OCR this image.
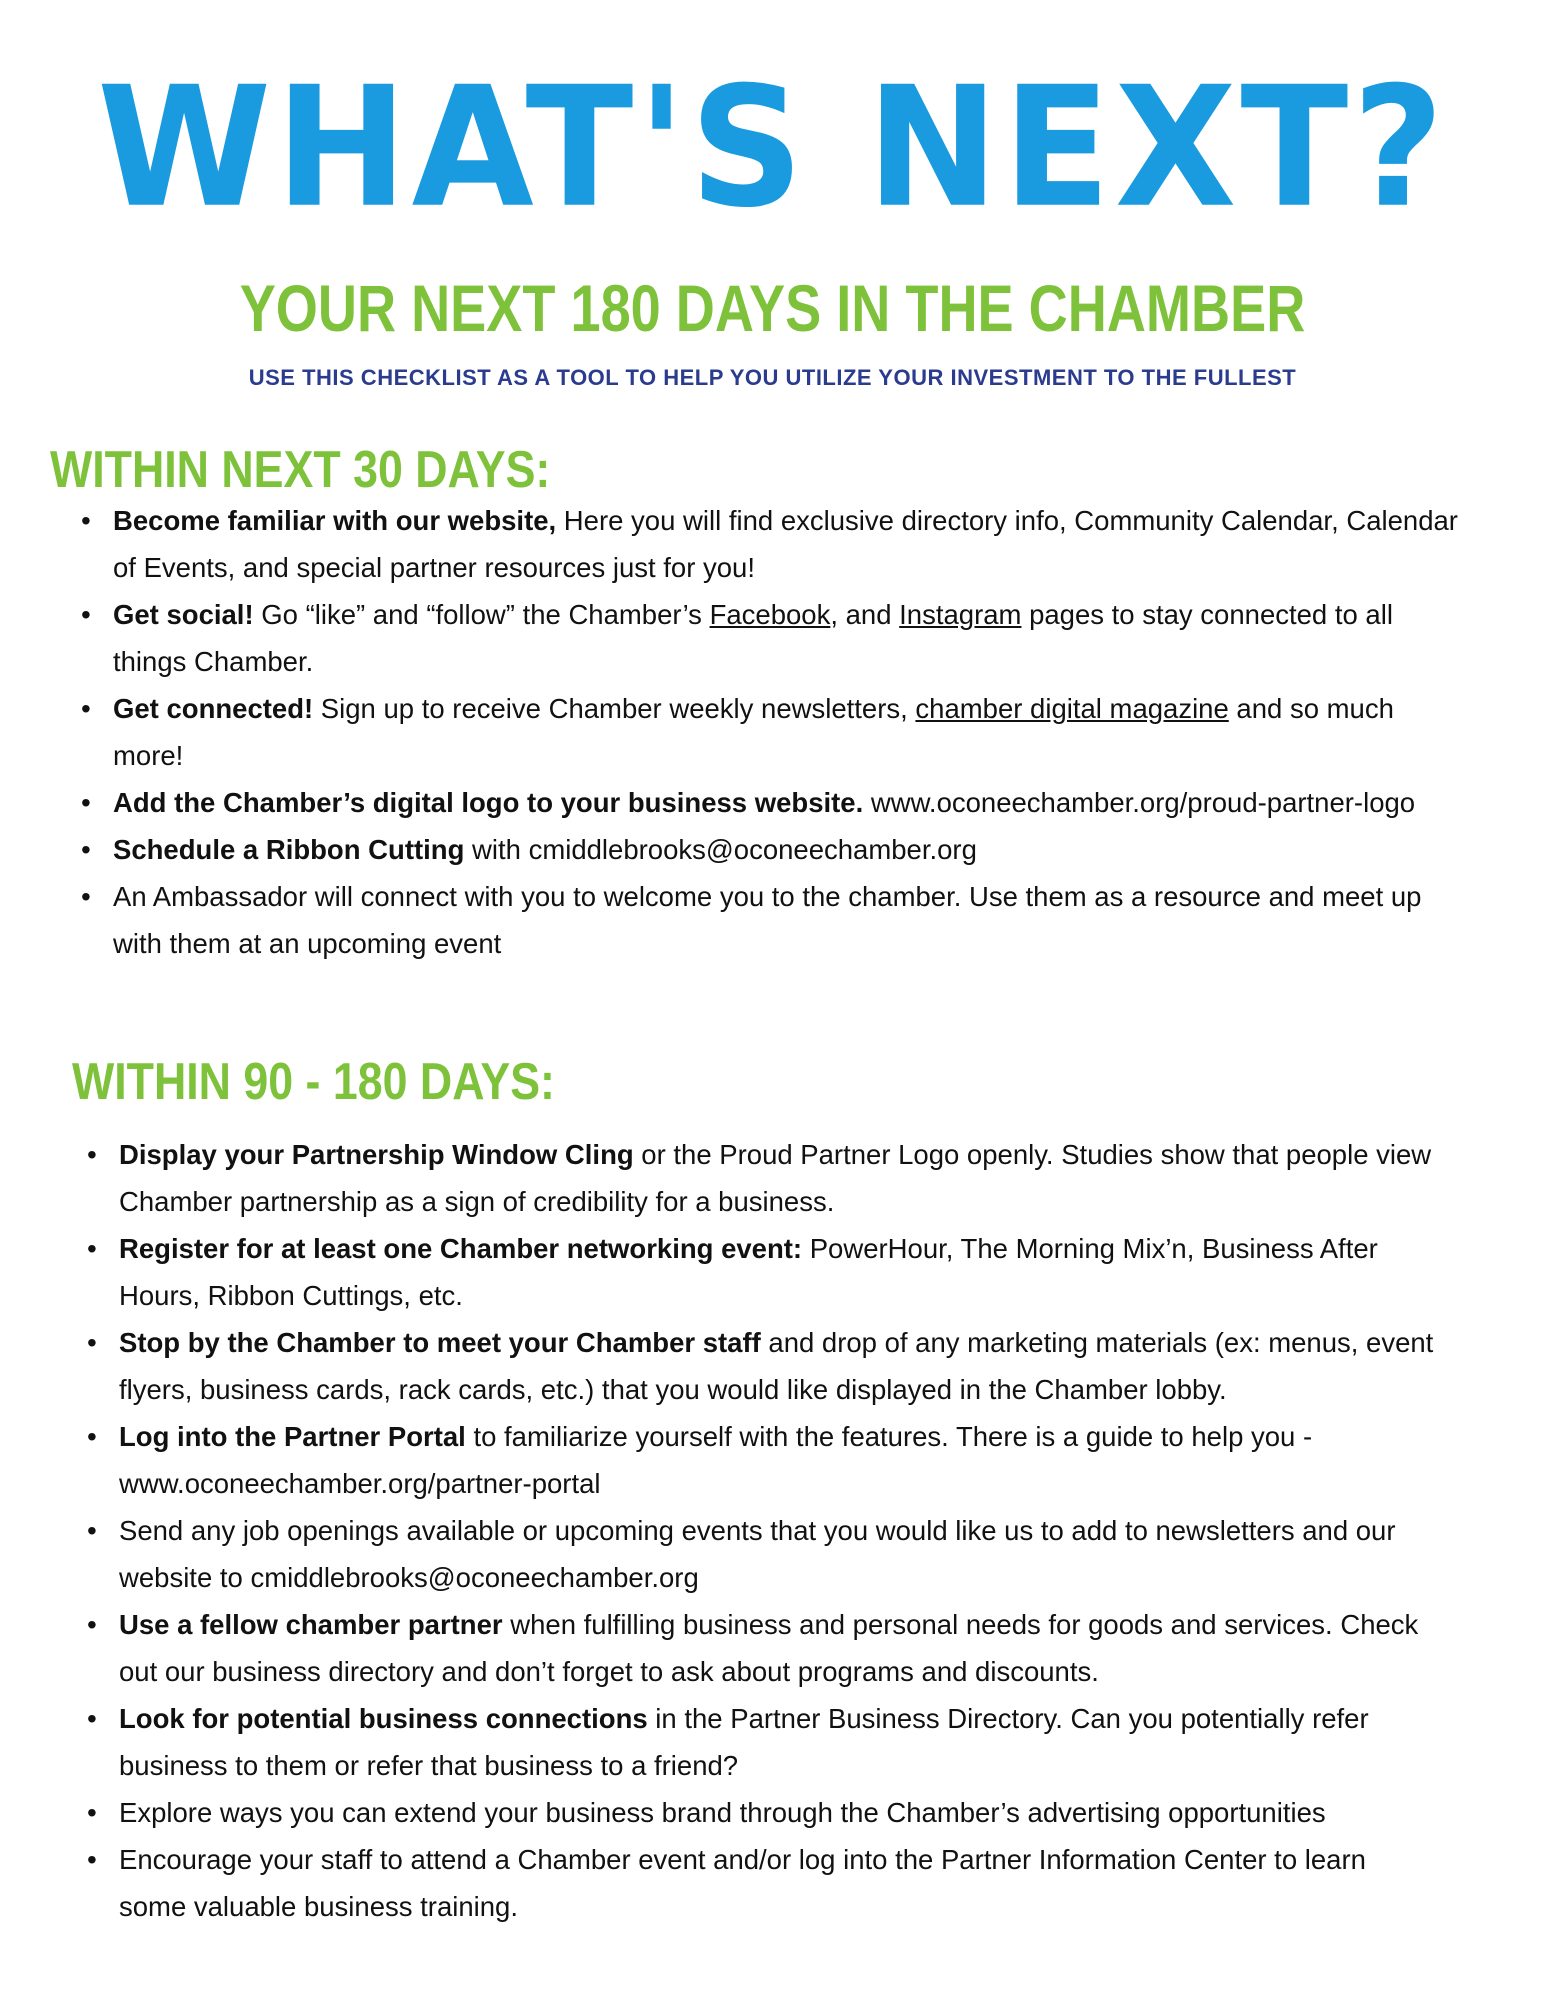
WHAT'S NEXT?
YOUR NEXT 180 DAYS IN THE CHAMBER

USE THIS CHECKLIST AS A TOOL TO HELP YOU UTILIZE YOUR INVESTMENT TO THE FULLEST

WITHIN NEXT 30 DAYS:
• Become familiar with our website, Here you will find exclusive directory info, Community Calendar, Calendar of Events, and special partner resources just for you!
• Get social! Go “like” and “follow” the Chamber’s Facebook, and Instagram pages to stay connected to all things Chamber.
• Get connected! Sign up to receive Chamber weekly newsletters, chamber digital magazine and so much more!
• Add the Chamber’s digital logo to your business website. www.oconeechamber.org/proud-partner-logo
• Schedule a Ribbon Cutting with cmiddlebrooks@oconeechamber.org
• An Ambassador will connect with you to welcome you to the chamber. Use them as a resource and meet up with them at an upcoming event
WITHIN 90 - 180 DAYS:
• Display your Partnership Window Cling or the Proud Partner Logo openly. Studies show that people view Chamber partnership as a sign of credibility for a business.
• Register for at least one Chamber networking event: PowerHour, The Morning Mix’n, Business After Hours, Ribbon Cuttings, etc.
• Stop by the Chamber to meet your Chamber staff and drop of any marketing materials (ex: menus, event flyers, business cards, rack cards, etc.) that you would like displayed in the Chamber lobby.
• Log into the Partner Portal to familiarize yourself with the features. There is a guide to help you - www.oconeechamber.org/partner-portal
• Send any job openings available or upcoming events that you would like us to add to newsletters and our website to cmiddlebrooks@oconeechamber.org
• Use a fellow chamber partner when fulfilling business and personal needs for goods and services. Check out our business directory and don’t forget to ask about programs and discounts.
• Look for potential business connections in the Partner Business Directory. Can you potentially refer business to them or refer that business to a friend?
• Explore ways you can extend your business brand through the Chamber’s advertising opportunities
• Encourage your staff to attend a Chamber event and/or log into the Partner Information Center to learn some valuable business training.
